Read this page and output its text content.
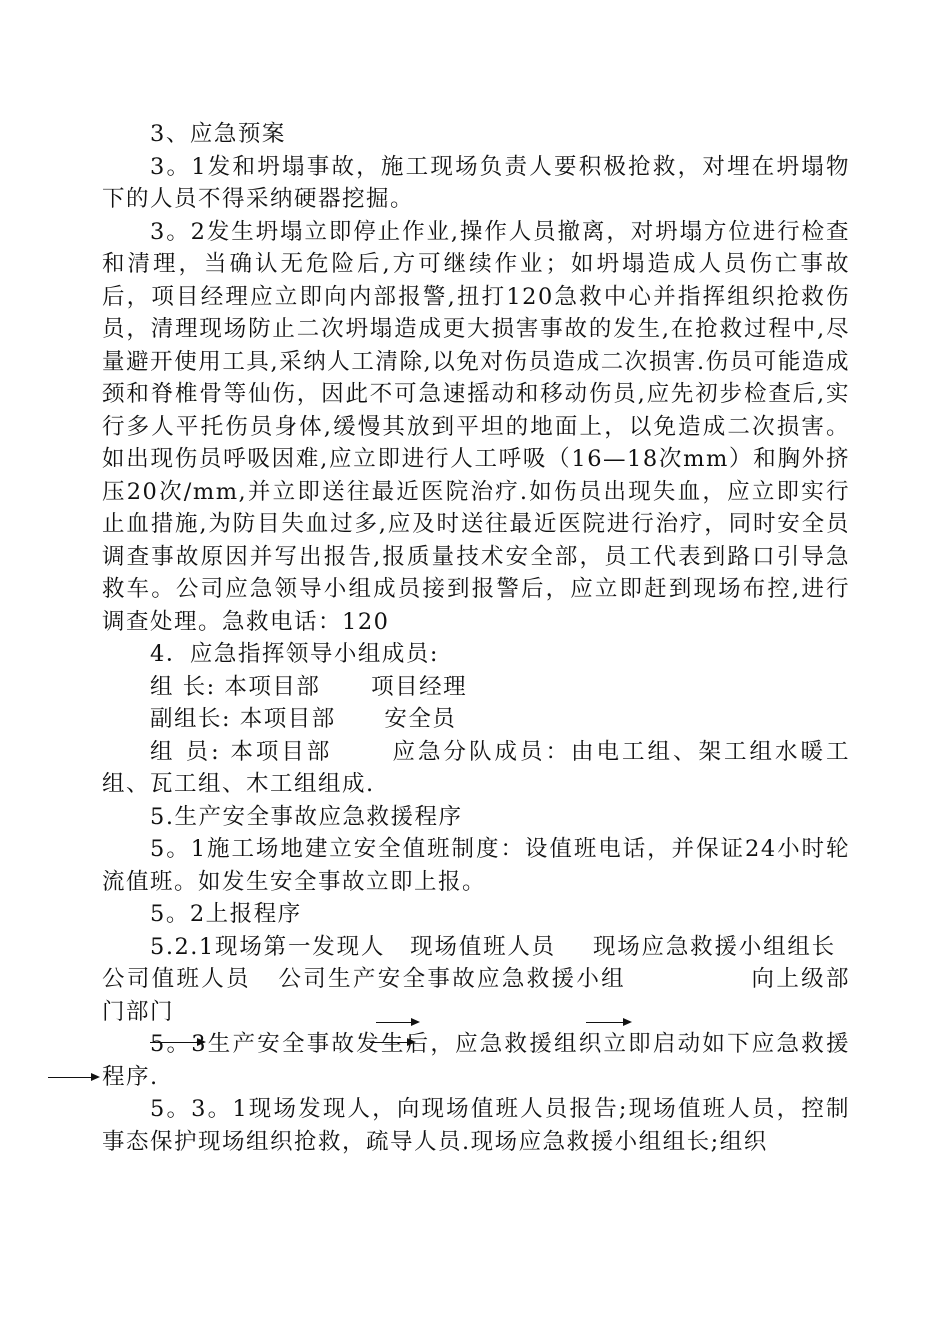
3、应急预案

3。1发和坍塌事故，施工现场负责人要积极抢救，对埋在坍塌物下的人员不得采纳硬器挖掘。

3。2发生坍塌立即停止作业,操作人员撤离，对坍塌方位进行检查和清理，当确认无危险后,方可继续作业；如坍塌造成人员伤亡事故后，项目经理应立即向内部报警,扭打120急救中心并指挥组织抢救伤员，清理现场防止二次坍塌造成更大损害事故的发生,在抢救过程中,尽量避开使用工具,采纳人工清除,以免对伤员造成二次损害.伤员可能造成颈和脊椎骨等仙伤，因此不可急速摇动和移动伤员,应先初步检查后,实行多人平托伤员身体,缓慢其放到平坦的地面上，以免造成二次损害。如出现伤员呼吸因难,应立即进行人工呼吸（16—18次mm）和胸外挤压20次/mm,并立即送往最近医院治疗.如伤员出现失血，应立即实行止血措施,为防目失血过多,应及时送往最近医院进行治疗，同时安全员调查事故原因并写出报告,报质量技术安全部，员工代表到路口引导急救车。公司应急领导小组成员接到报警后，应立即赶到现场布控,进行调查处理。急救电话：120

4．应急指挥领导小组成员:

组 长: 本项目部 项目经理

副组长: 本项目部 安全员

组 员: 本项目部	应急分队成员：由电工组、架工组水暖工组、瓦工组、木工组组成.

5.生产安全事故应急救援程序

5。1施工场地建立安全值班制度：设值班电话，并保证24小时轮流值班。如发生安全事故立即上报。

5。2上报程序

5.2.1现场第一发现人 现场值班人员 现场应急救援小组组长 公司值班人员 公司生产安全事故应急救援小组	向上级部门部门

5。3生产安全事故发生后，应急救援组织立即启动如下应急救援程序.

5。3。1现场发现人，向现场值班人员报告;现场值班人员，控制事态保护现场组织抢救，疏导人员.现场应急救援小组组长;组织
